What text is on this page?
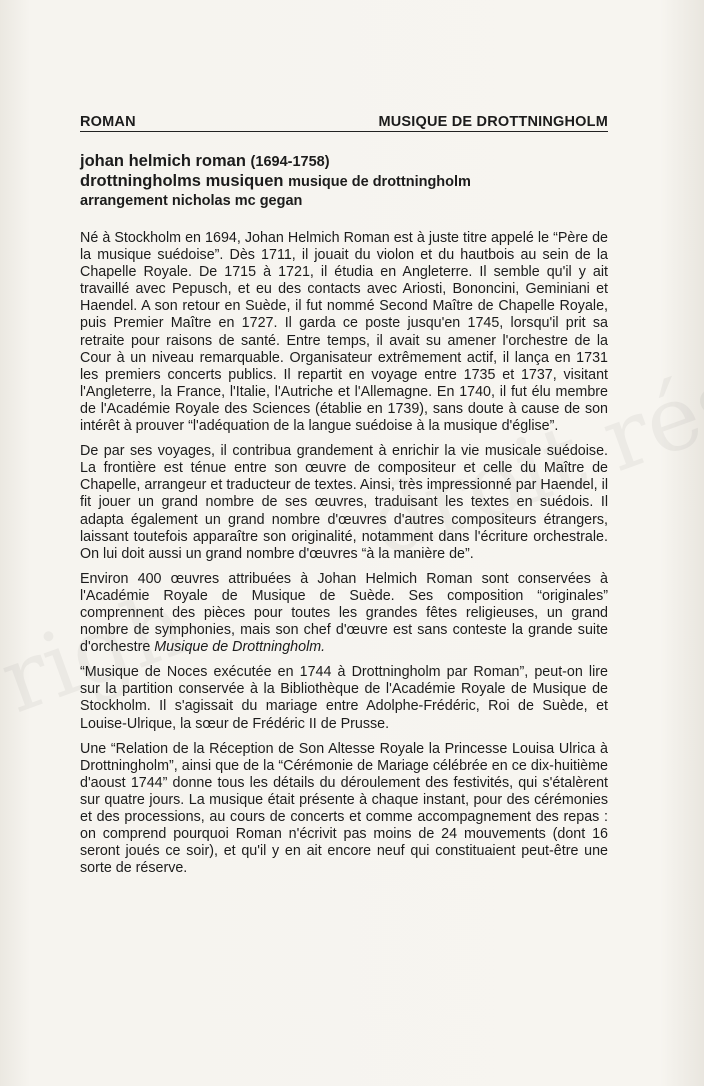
ROMAN	MUSIQUE DE DROTTNINGHOLM
johan helmich roman (1694-1758)
drottningholms musiquen musique de drottningholm
arrangement nicholas mc gegan

Né à Stockholm en 1694, Johan Helmich Roman est à juste titre appelé le “Père de la musique suédoise”. Dès 1711, il jouait du violon et du hautbois au sein de la Chapelle Royale. De 1715 à 1721, il étudia en Angleterre. Il semble qu'il y ait travaillé avec Pepusch, et eu des contacts avec Ariosti, Bononcini, Geminiani et Haendel. A son retour en Suède, il fut nommé Second Maître de Chapelle Royale, puis Premier Maître en 1727. Il garda ce poste jusqu'en 1745, lorsqu'il prit sa retraite pour raisons de santé. Entre temps, il avait su amener l'orchestre de la Cour à un niveau remarquable. Organisateur extrêmement actif, il lança en 1731 les premiers concerts publics. Il repartit en voyage entre 1735 et 1737, visitant l'Angleterre, la France, l'Italie, l'Autriche et l'Allemagne. En 1740, il fut élu membre de l'Académie Royale des Sciences (établie en 1739), sans doute à cause de son intérêt à prouver “l'adéquation de la langue suédoise à la musique d'église”.

De par ses voyages, il contribua grandement à enrichir la vie musicale suédoise. La frontière est ténue entre son œuvre de compositeur et celle du Maître de Chapelle, arrangeur et traducteur de textes. Ainsi, très impressionné par Haendel, il fit jouer un grand nombre de ses œuvres, traduisant les textes en suédois. Il adapta également un grand nombre d'œuvres d'autres compositeurs étrangers, laissant toutefois apparaître son originalité, notamment dans l'écriture orchestrale. On lui doit aussi un grand nombre d'œuvres “à la manière de”.

Environ 400 œuvres attribuées à Johan Helmich Roman sont conservées à l'Académie Royale de Musique de Suède. Ses composition “originales” comprennent des pièces pour toutes les grandes fêtes religieuses, un grand nombre de symphonies, mais son chef d'œuvre est sans conteste la grande suite d'orchestre Musique de Drottningholm.

“Musique de Noces exécutée en 1744 à Drottningholm par Roman”, peut-on lire sur la partition conservée à la Bibliothèque de l'Académie Royale de Musique de Stockholm. Il s'agissait du mariage entre Adolphe-Frédéric, Roi de Suède, et Louise-Ulrique, la sœur de Frédéric II de Prusse.

Une “Relation de la Réception de Son Altesse Royale la Princesse Louisa Ulrica à Drottningholm”, ainsi que de la “Cérémonie de Mariage célébrée en ce dix-huitième d'aoust 1744” donne tous les détails du déroulement des festivités, qui s'étalèrent sur quatre jours. La musique était présente à chaque instant, pour des cérémonies et des processions, au cours de concerts et comme accompagnement des repas : on comprend pourquoi Roman n'écrivit pas moins de 24 mouvements (dont 16 seront joués ce soir), et qu'il y en ait encore neuf qui constituaient peut-être une sorte de réserve.
